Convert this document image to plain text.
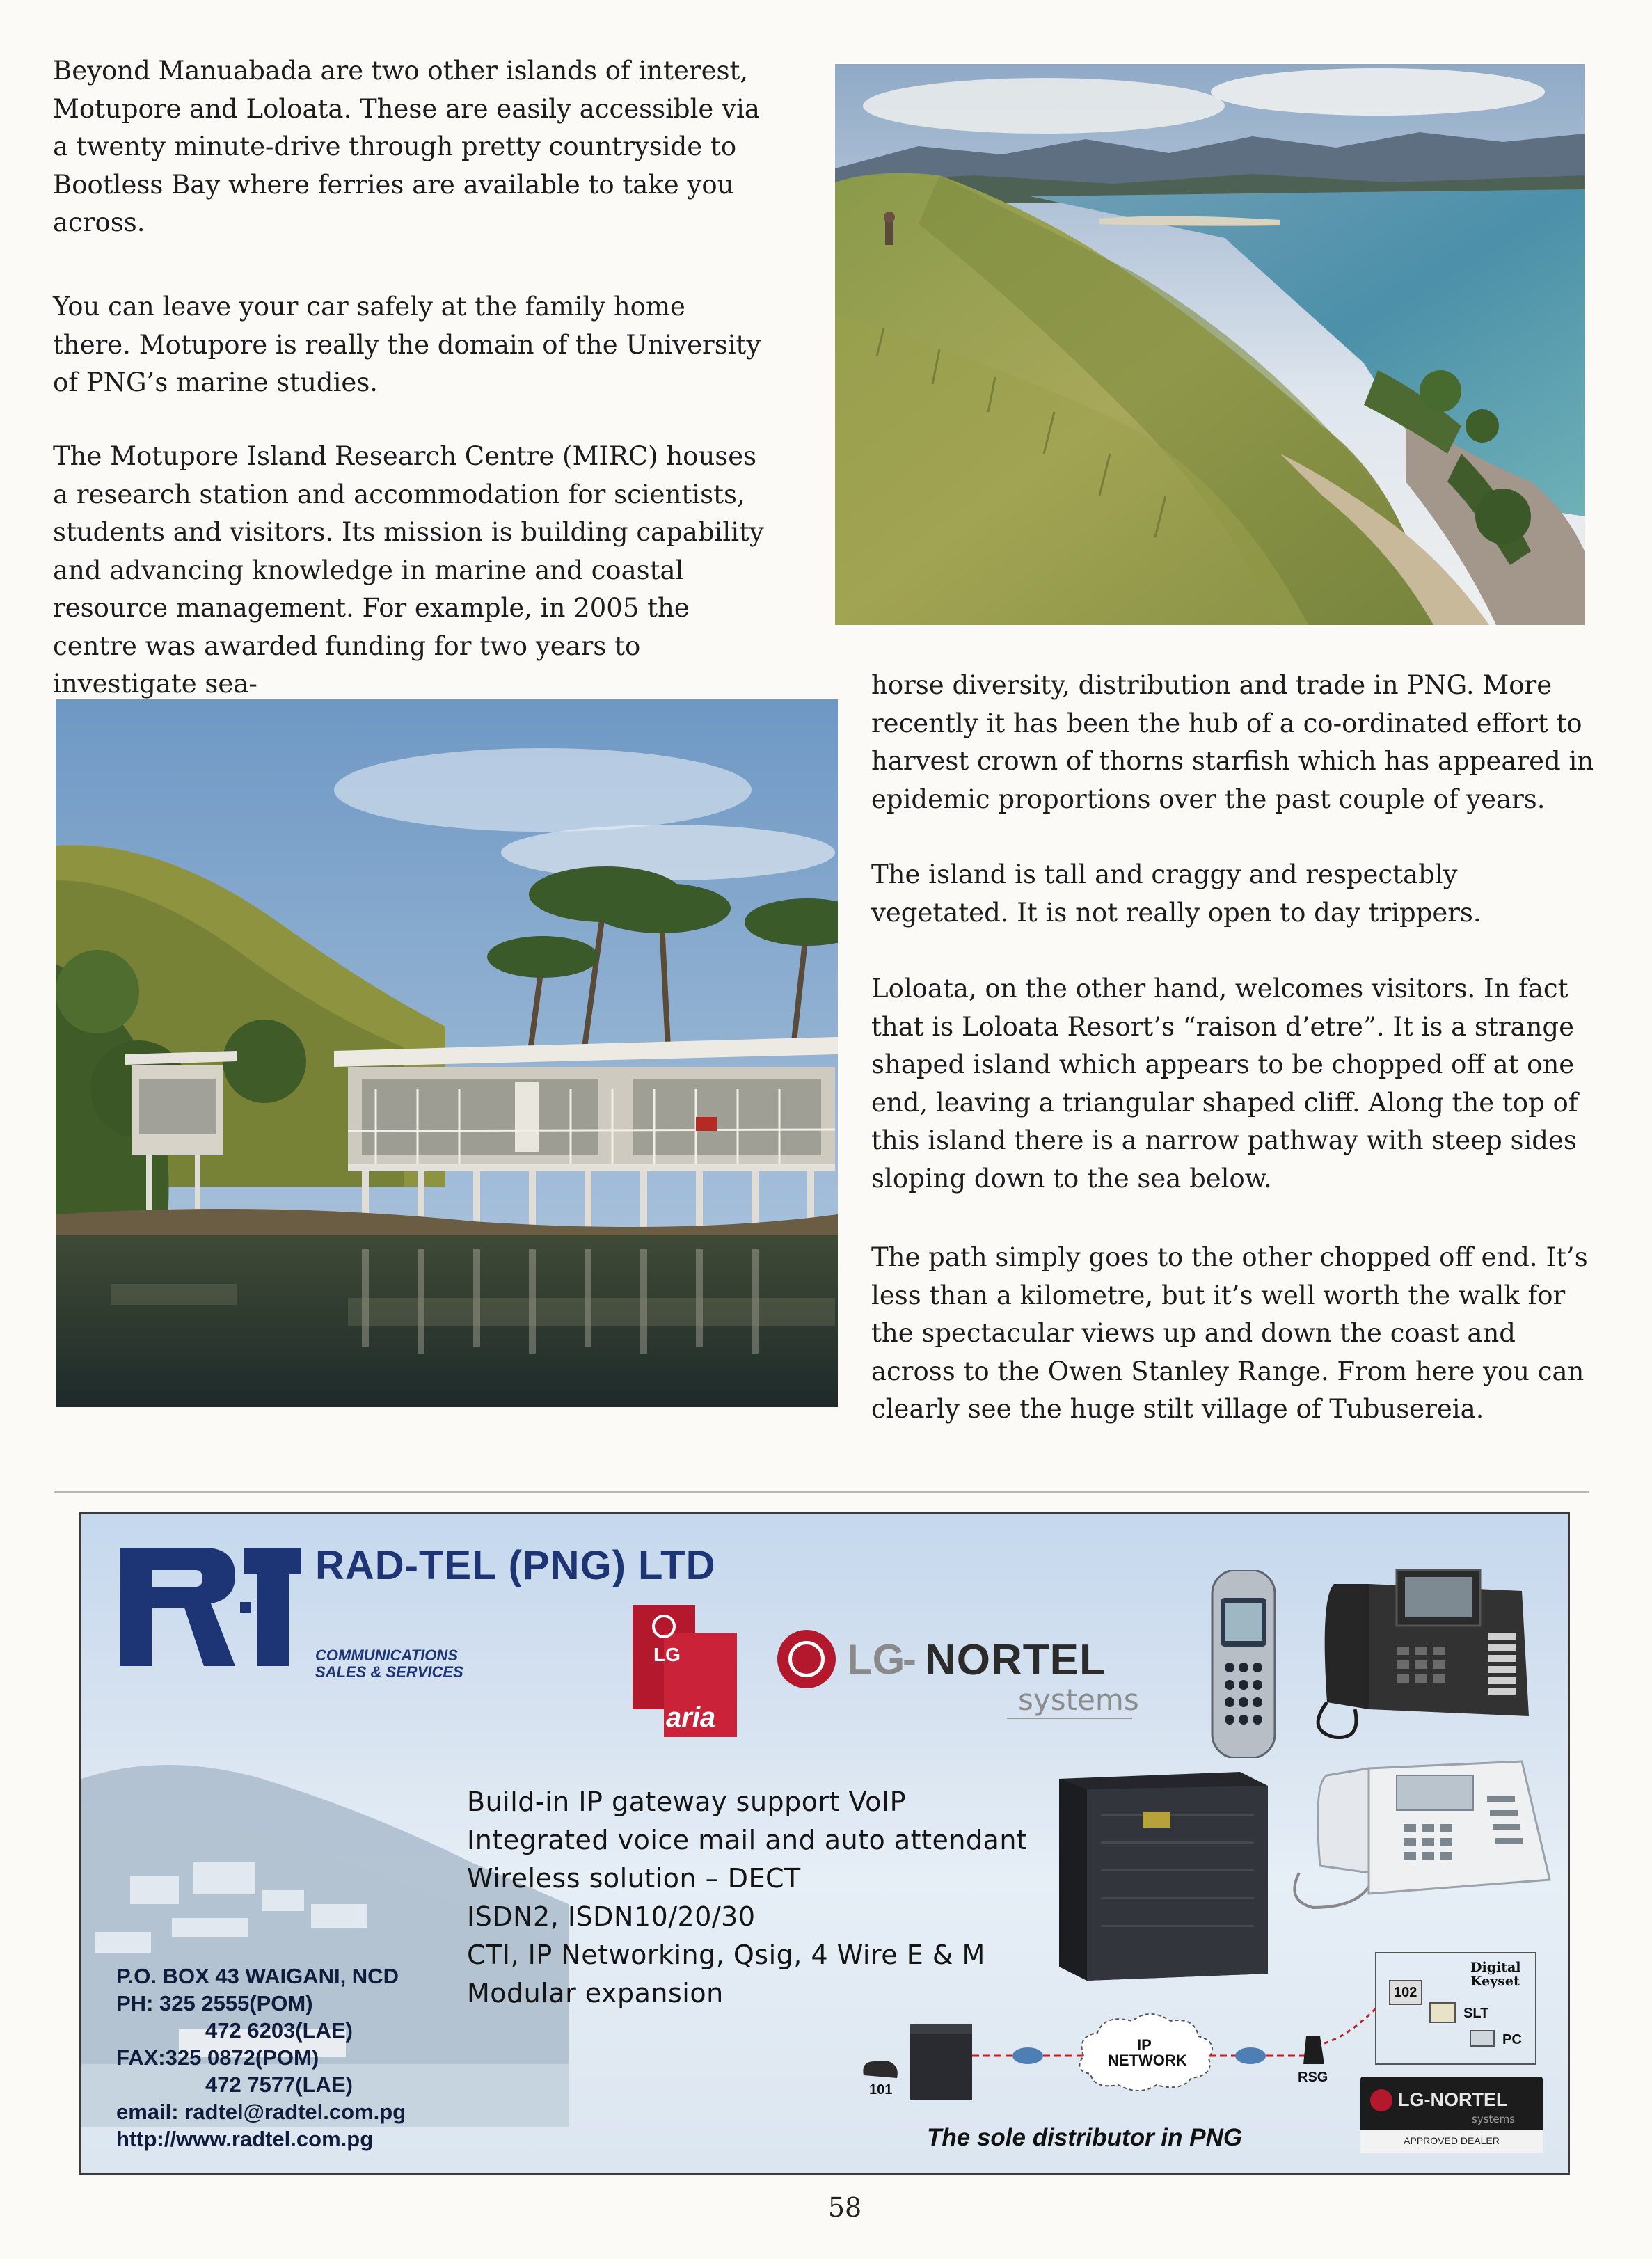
Beyond Manuabada are two other islands of interest, Motupore and Loloata. These are easily accessible via a twenty minute-drive through pretty countryside to Bootless Bay where ferries are available to take you across.

You can leave your car safely at the family home there. Motupore is really the domain of the University of PNG’s marine studies.

The Motupore Island Research Centre (MIRC) houses a research station and accommodation for scientists, students and visitors. Its mission is building capability and advancing knowledge in marine and coastal resource management. For example, in 2005 the centre was awarded funding for two years to investigate sea-	horse diversity, distribution and trade in PNG. More recently it has been the hub of a co-ordinated effort to harvest crown of thorns starfish which has appeared in epidemic proportions over the past couple of years.

The island is tall and craggy and respectably vegetated. It is not really open to day trippers.

Loloata, on the other hand, welcomes visitors. In fact that is Loloata Resort’s “raison d’etre”. It is a strange shaped island which appears to be chopped off at one end, leaving a triangular shaped cliff. Along the top of this island there is a narrow pathway with steep sides sloping down to the sea below.

The path simply goes to the other chopped off end. It’s less than a kilometre, but it’s well worth the walk for the spectacular views up and down the coast and across to the Owen Stanley Range. From here you can clearly see the huge stilt village of Tubusereia.

RAD-TEL (PNG) LTD
COMMUNICATIONS
SALES & SERVICES
LG
aria
LG
- NORTEL
systems

Build-in IP gateway support VoIP

Integrated voice mail and auto attendant

Wireless solution – DECT

ISDN2, ISDN10/20/30

CTI, IP Networking, Qsig, 4 Wire E & M

Modular expansion

P.O. BOX 43 WAIGANI, NCD

PH: 325 2555(POM)

472 6203(LAE)

FAX:325 0872(POM)

472 7577(LAE)

email: radtel@radtel.com.pg

http://www.radtel.com.pg

IP
NETWORK
101
RSG
102
Digital
Keyset
SLT
PC
LG-NORTEL
systems
APPROVED DEALER
The sole distributor in PNG
58
